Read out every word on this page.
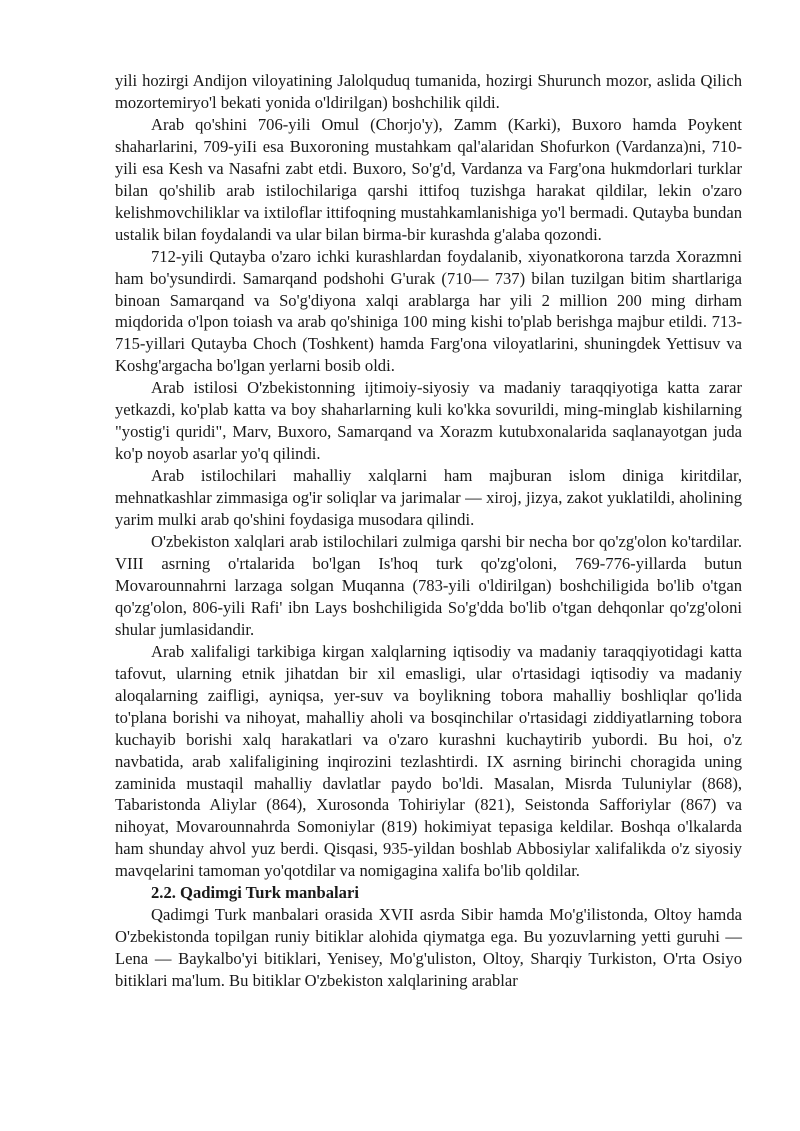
yili hozirgi Andijon viloyatining Jalolquduq tumanida, hozirgi Shurunch mozor, aslida Qilich mozortemiryo'l bekati yonida o'ldirilgan) boshchilik qildi.

Arab qo'shini 706-yili Omul (Chorjo'y), Zamm (Karki), Buxoro hamda Poykent shaharlarini, 709-yiIi esa Buxoroning mustahkam qal'alaridan Shofurkon (Vardanza)ni, 710-yili esa Kesh va Nasafni zabt etdi. Buxoro, So'g'd, Vardanza va Farg'ona hukmdorlari turklar bilan qo'shilib arab istilochilariga qarshi ittifoq tuzishga harakat qildilar, lekin o'zaro kelishmovchiliklar va ixtiloflar ittifoqning mustahkamlanishiga yo'l bermadi. Qutayba bundan ustalik bilan foydalandi va ular bilan birma-bir kurashda g'alaba qozondi.

712-yili Qutayba o'zaro ichki kurashlardan foydalanib, xiyonatkorona tarzda Xorazmni ham bo'ysundirdi. Samarqand podshohi G'urak (710— 737) bilan tuzilgan bitim shartlariga binoan Samarqand va So'g'diyona xalqi arablarga har yili 2 million 200 ming dirham miqdorida o'lpon toiash va arab qo'shiniga 100 ming kishi to'plab berishga majbur etildi. 713-715-yillari Qutayba Choch (Toshkent) hamda Farg'ona viloyatlarini, shuningdek Yettisuv va Koshg'argacha bo'lgan yerlarni bosib oldi.

Arab istilosi O'zbekistonning ijtimoiy-siyosiy va madaniy taraqqiyotiga katta zarar yetkazdi, ko'plab katta va boy shaharlarning kuli ko'kka sovurildi, ming-minglab kishilarning "yostig'i quridi", Marv, Buxoro, Samarqand va Xorazm kutubxonalarida saqlanayotgan juda ko'p noyob asarlar yo'q qilindi.

Arab istilochilari mahalliy xalqlarni ham majburan islom diniga kiritdilar, mehnatkashlar zimmasiga og'ir soliqlar va jarimalar — xiroj, jizya, zakot yuklatildi, aholining yarim mulki arab qo'shini foydasiga musodara qilindi.

O'zbekiston xalqlari arab istilochilari zulmiga qarshi bir necha bor qo'zg'olon ko'tardilar. VIII asrning o'rtalarida bo'lgan Is'hoq turk qo'zg'oloni, 769-776-yillarda butun Movarounnahrni larzaga solgan Muqanna (783-yili o'ldirilgan) boshchiligida bo'lib o'tgan qo'zg'olon, 806-yili Rafi' ibn Lays boshchiligida So'g'dda bo'lib o'tgan dehqonlar qo'zg'oloni shular jumlasidandir.

Arab xalifaligi tarkibiga kirgan xalqlarning iqtisodiy va madaniy taraqqiyotidagi katta tafovut, ularning etnik jihatdan bir xil emasligi, ular o'rtasidagi iqtisodiy va madaniy aloqalarning zaifligi, ayniqsa, yer-suv va boylikning tobora mahalliy boshliqlar qo'lida to'plana borishi va nihoyat, mahalliy aholi va bosqinchilar o'rtasidagi ziddiyatlarning tobora kuchayib borishi xalq harakatlari va o'zaro kurashni kuchaytirib yubordi. Bu hoi, o'z navbatida, arab xalifaligining inqirozini tezlashtirdi. IX asrning birinchi choragida uning zaminida mustaqil mahalliy davlatlar paydo bo'ldi. Masalan, Misrda Tuluniylar (868), Tabaristonda Aliylar (864), Xurosonda Tohiriylar (821), Seistonda Safforiylar (867) va nihoyat, Movarounnahrda Somoniylar (819) hokimiyat tepasiga keldilar. Boshqa o'lkalarda ham shunday ahvol yuz berdi. Qisqasi, 935-yildan boshlab Abbosiylar xalifalikda o'z siyosiy mavqelarini tamoman yo'qotdilar va nomigagina xalifa bo'lib qoldilar.

2.2. Qadimgi Turk manbalari

Qadimgi Turk manbalari orasida XVII asrda Sibir hamda Mo'g'ilistonda, Oltoy hamda O'zbekistonda topilgan runiy bitiklar alohida qiymatga ega. Bu yozuvlarning yetti guruhi — Lena — Baykalbo'yi bitiklari, Yenisey, Mo'g'uliston, Oltoy, Sharqiy Turkiston, O'rta Osiyo bitiklari ma'lum. Bu bitiklar O'zbekiston xalqlarining arablar
